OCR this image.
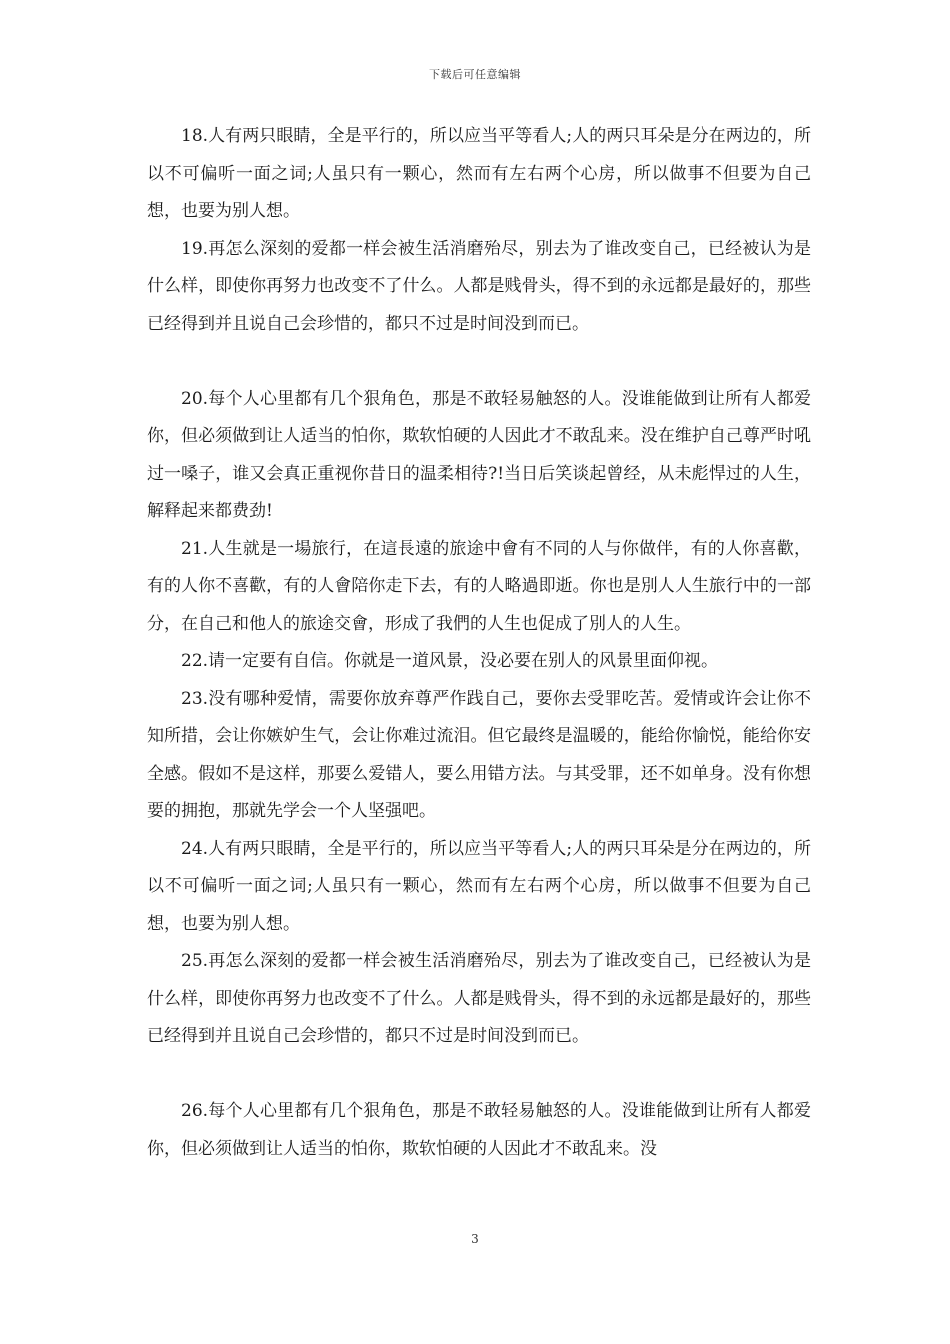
下载后可任意编辑

18.人有两只眼睛，全是平行的，所以应当平等看人;人的两只耳朵是分在两边的，所以不可偏听一面之词;人虽只有一颗心，然而有左右两个心房，所以做事不但要为自己想，也要为别人想。

19.再怎么深刻的爱都一样会被生活消磨殆尽，别去为了谁改变自己，已经被认为是什么样，即使你再努力也改变不了什么。人都是贱骨头，得不到的永远都是最好的，那些已经得到并且说自己会珍惜的，都只不过是时间没到而已。

20.每个人心里都有几个狠角色，那是不敢轻易触怒的人。没谁能做到让所有人都爱你，但必须做到让人适当的怕你，欺软怕硬的人因此才不敢乱来。没在维护自己尊严时吼过一嗓子，谁又会真正重视你昔日的温柔相待?!当日后笑谈起曾经，从未彪悍过的人生，解释起来都费劲!

21.人生就是一場旅行，在這長遠的旅途中會有不同的人与你做伴，有的人你喜歡，有的人你不喜歡，有的人會陪你走下去，有的人略過即逝。你也是別人人生旅行中的一部分，在自己和他人的旅途交會，形成了我們的人生也促成了別人的人生。

22.请一定要有自信。你就是一道风景，没必要在别人的风景里面仰视。

23.没有哪种爱情，需要你放弃尊严作践自己，要你去受罪吃苦。爱情或许会让你不知所措，会让你嫉妒生气，会让你难过流泪。但它最终是温暖的，能给你愉悦，能给你安全感。假如不是这样，那要么爱错人，要么用错方法。与其受罪，还不如单身。没有你想要的拥抱，那就先学会一个人坚强吧。

24.人有两只眼睛，全是平行的，所以应当平等看人;人的两只耳朵是分在两边的，所以不可偏听一面之词;人虽只有一颗心，然而有左右两个心房，所以做事不但要为自己想，也要为别人想。

25.再怎么深刻的爱都一样会被生活消磨殆尽，别去为了谁改变自己，已经被认为是什么样，即使你再努力也改变不了什么。人都是贱骨头，得不到的永远都是最好的，那些已经得到并且说自己会珍惜的，都只不过是时间没到而已。

26.每个人心里都有几个狠角色，那是不敢轻易触怒的人。没谁能做到让所有人都爱你，但必须做到让人适当的怕你，欺软怕硬的人因此才不敢乱来。没

3
